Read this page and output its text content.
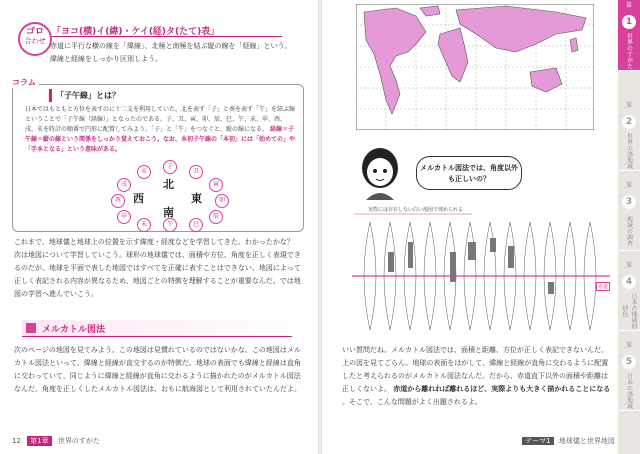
ゴロ
合わせ
「ヨコ(横)イ(緯)・ケイ(経)タ(たて)表」
赤道に平行な横の線を「緯線」、北極と南極を結ぶ縦の線を「経線」という。
緯線と経線をしっかり区別しよう。
コラム
「子午線」とは？
日本ではもともと方位を表すのに十二支を利用していた。北を表す「子」と南を表す「午」を結ぶ線ということで「子午線（経線）」となったのである。子、丑、寅、卯、辰、巳、午、未、申、酉、戌、亥を時計の順番で円形に配置してみよう。「子」と「午」をつなぐと、縦の線になる。 経線＝子午線＝縦の線という関係をしっかり覚えておこう。なお、本初子午線の「本初」には「始めての」や「手本となる」という意味がある。
子
丑
寅
卯
辰
巳
午
未
申
酉
戌
亥
北
東
南
西
これまで、地球儀と地球上の位置を示す緯度・経度などを学習してきた。わかったかな？　次は地図について学習していこう。球形の地球儀では、面積や方位、角度を正しく表現できるのだが、地球を平面で表した地図ではすべてを正確に表すことはできない。地図によって正しく表記される内容が異なるため、地図ごとの特徴を理解することが重要なんだ。では地図の学習へ進んでいこう。
メルカトル図法
次のページの地図を見てみよう。この地図は見慣れているのではないかな。この地図はメルカトル図法といって、緯線と経線が直交するのが特徴だ。地球の表面でも緯線と経線は直角に交わっていて、同じように緯線と経線が直角に交わるように描かれたのがメルカトル図法なんだ。角度を正しくしたメルカトル図法は、おもに航海図として利用されていたんだよ。
12 第1章 世界のすがた
メルカトル図法では、角度以外も正しいの？
実際には存在しない白い地図で埋められる
赤道
いい質問だね。メルカトル図法では、面積と距離、方位が正しく表記できないんだ。上の図を見てごらん。地球の表面をはがして、緯線と経線が直角に交わるように配置したと考えられるのがメルカトル図法なんだ。だから、赤道直下以外の面積や距離は正しくないよ。 赤道から離れれば離れるほど、実際よりも大きく描かれることになる 。そこで、こんな問題がよく出題されるよ。
テーマ1 地球儀と世界地図
第
1
世界のすがた
第
2
世界の諸地域
第
3
地域の調査
第
4
日本の地域的特色
第
5
日本の諸地域
